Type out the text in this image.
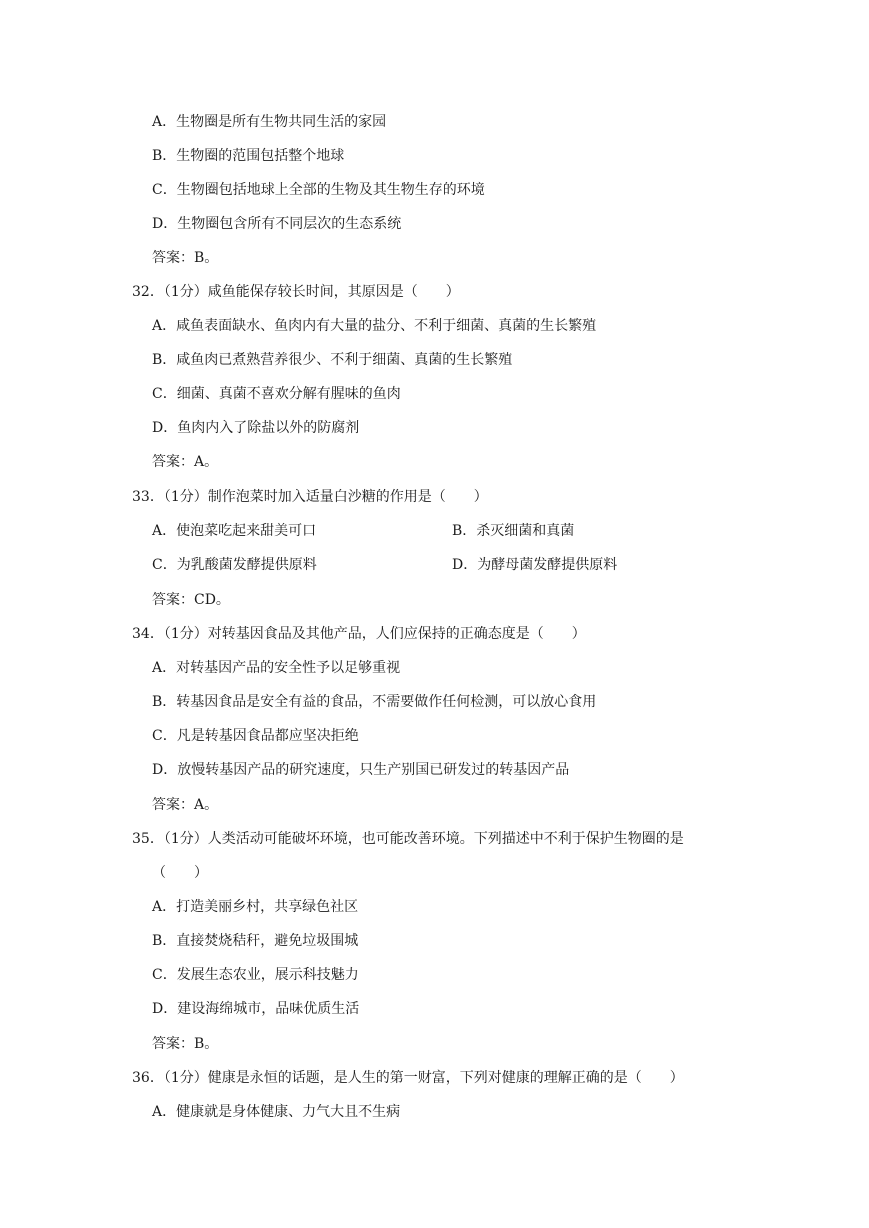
A．生物圈是所有生物共同生活的家园
B．生物圈的范围包括整个地球
C．生物圈包括地球上全部的生物及其生物生存的环境
D．生物圈包含所有不同层次的生态系统
答案：B。
32．（1分）咸鱼能保存较长时间，其原因是（　　）
A．咸鱼表面缺水、鱼肉内有大量的盐分、不利于细菌、真菌的生长繁殖
B．咸鱼肉已煮熟营养很少、不利于细菌、真菌的生长繁殖
C．细菌、真菌不喜欢分解有腥味的鱼肉
D．鱼肉内入了除盐以外的防腐剂
答案：A。
33．（1分）制作泡菜时加入适量白沙糖的作用是（　　）
A．使泡菜吃起来甜美可口	B．杀灭细菌和真菌
C．为乳酸菌发酵提供原料	D．为酵母菌发酵提供原料
答案：CD。
34．（1分）对转基因食品及其他产品，人们应保持的正确态度是（　　）
A．对转基因产品的安全性予以足够重视
B．转基因食品是安全有益的食品，不需要做作任何检测，可以放心食用
C．凡是转基因食品都应坚决拒绝
D．放慢转基因产品的研究速度，只生产别国已研发过的转基因产品
答案：A。
35．（1分）人类活动可能破坏环境，也可能改善环境。下列描述中不利于保护生物圈的是
（　　）
A．打造美丽乡村，共享绿色社区
B．直接焚烧秸秆，避免垃圾围城
C．发展生态农业，展示科技魅力
D．建设海绵城市，品味优质生活
答案：B。
36．（1分）健康是永恒的话题，是人生的第一财富，下列对健康的理解正确的是（　　）
A．健康就是身体健康、力气大且不生病
